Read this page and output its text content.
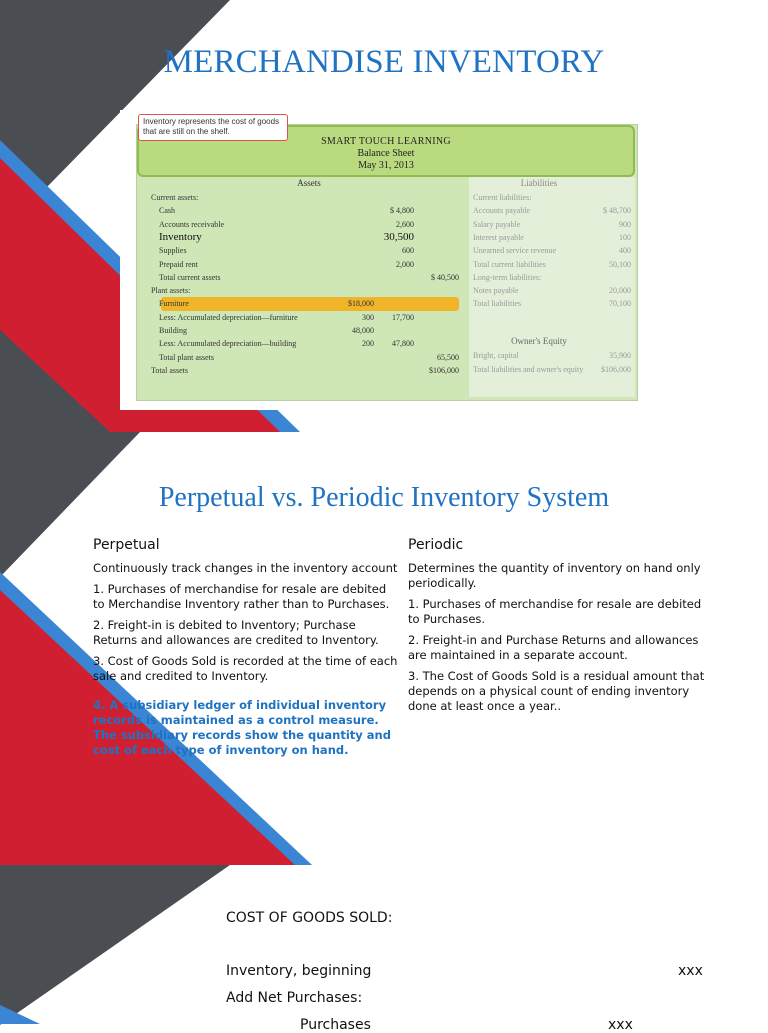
MERCHANDISE INVENTORY
SMART TOUCH LEARNING
Balance Sheet
May 31, 2013
Assets
Current assets:
Cash	$ 4,800
Accounts receivable	2,600
Inventory	30,500
Supplies	600
Prepaid rent	2,000
Total current assets	$ 40,500
Plant assets:
Furniture	$18,000
Less: Accumulated depreciation—furniture	300 17,700
Building	48,000
Less: Accumulated depreciation—building	200 47,800
Total plant assets	65,500
Total assets	$106,000
Liabilities
Owner's Equity
Current liabilities:
Accounts payable	$ 48,700
Salary payable	900
Interest payable	100
Unearned service revenue	400
Total current liabilities	50,100
Long-term liabilities:
Notes payable	20,000
Total liabilities	70,100
Bright, capital	35,900
Total liabilities and owner's equity $106,000
Inventory represents the cost of goods that are still on the shelf.
Perpetual vs. Periodic Inventory System
Perpetual

Continuously track changes in the inventory account

1. Purchases of merchandise for resale are debited to Merchandise Inventory rather than to Purchases.

2. Freight-in is debited to Inventory; Purchase Returns and allowances are credited to Inventory.

3. Cost of Goods Sold is recorded at the time of each sale and credited to Inventory.

4. A subsidiary ledger of individual inventory records is maintained as a control measure. The subsidiary records show the quantity and cost of each type of inventory on hand.

Periodic

Determines the quantity of inventory on hand only periodically.

1. Purchases of merchandise for resale are debited to Purchases.

2. Freight-in and Purchase Returns and allowances are maintained in a separate account.

3. The Cost of Goods Sold is a residual amount that depends on a physical count of ending inventory done at least once a year..

COST OF GOODS SOLD:
Inventory, beginning	xxx
Add Net Purchases:
Purchases	xxx
